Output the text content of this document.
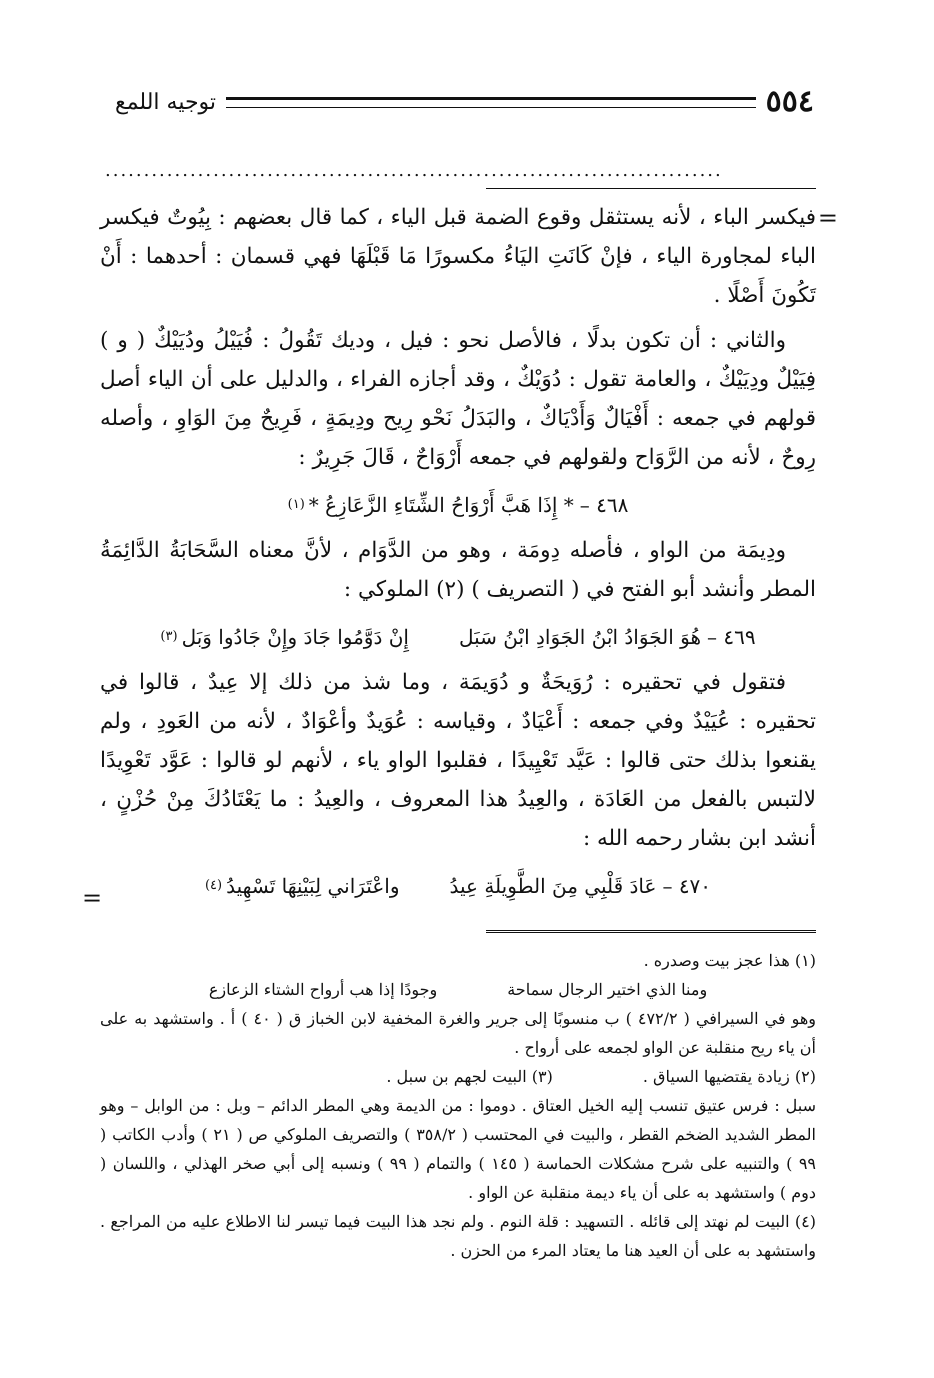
٥٥٤
توجيه اللمع
................................................................................
=

فيكسر الباء ، لأنه يستثقل وقوع الضمة قبل الياء ، كما قال بعضهم : بِيُوتٌ فيكسر الباء لمجاورة الياء ، فإنْ كَانَتِ اليَاءُ مكسورًا مَا قَبْلَهَا فهي قسمان : أحدهما : أَنْ تَكُونَ أَصْلًا .

والثاني : أن تكون بدلًا ، فالأصل نحو : فيل ، وديك تَقُولُ : فُيَيْلُ ودُيَيْكٌ ( و ) فِيَيْلٌ ودِيَيْكٌ ، والعامة تقول : دُوَيْكٌ ، وقد أجازه الفراء ، والدليل على أن الياء أصل قولهم في جمعه : أَفْيَالٌ وَأَدْيَاكٌ ، والبَدَلُ نَحْو رِيح ودِيمَةٍ ، فَرِيحٌ مِنَ الوَاوِ ، وأصله رِوحٌ ، لأنه من الرَّوَاح ولقولهم في جمعه أَرْوَاحٌ ، قَالَ جَرِيرٌ :

٤٦٨ –
* إِذَا هَبَّ أَرْوَاحُ الشِّتَاءِ الزَّعَازِعُ *
(١)

ودِيمَة من الواو ، فأصله دِومَة ، وهو من الدَّوَام ، لأنَّ معناه السَّحَابَةُ الدَّائِمَةُ المطر وأنشد أبو الفتح في ( التصريف ) (٢) الملوكي :

٤٦٩ –
هُوَ الجَوَادُ ابْنُ الجَوَادِ ابْنُ سَبَل
إِنْ دَوَّمُوا جَادَ وإِنْ جَادُوا وَبَل
(٣)

فتقول في تحقيره : رُوَيحَةٌ و دُوَيمَة ، وما شذ من ذلك إلا عِيدٌ ، قالوا في تحقيره : عُيَيْدٌ وفي جمعه : أَعْيَادٌ ، وقياسه : عُوَيدٌ وأعْوَادٌ ، لأنه من العَودِ ، ولم يقنعوا بذلك حتى قالوا : عَيَّد تَعْيِيدًا ، فقلبوا الواو ياء ، لأنهم لو قالوا : عَوَّد تَعْوِيدًا لالتبس بالفعل من العَادَة ، والعِيدُ هذا المعروف ، والعِيدُ : ما يَعْتَادُكَ مِنْ حُزْنٍ ، أنشد ابن بشار رحمه الله :

٤٧٠ –
عَادَ قَلْبِي مِنَ الطَّوِيلَةِ عِيدُ
واعْتَرَاني لِبَيْنِهَا تَسْهِيدُ
(٤)
=

(١) هذا عجز بيت وصدره .

ومنا الذي اختير الرجال سماحة
وجودًا إذا هب أرواح الشتاء الزعازع

وهو في السيرافي ( ٤٧٢/٢ ) ب منسوبًا إلى جرير والغرة المخفية لابن الخباز ق ( ٤٠ ) أ . واستشهد به على أن ياء ريح منقلبة عن الواو لجمعه على أرواح .

(٢) زيادة يقتضيها السياق .
(٣) البيت لجهم بن سبل .

سبل : فرس عتيق تنسب إليه الخيل العتاق . دوموا : من الديمة وهي المطر الدائم – وبل : من الوابل – وهو المطر الشديد الضخم القطر ، والبيت في المحتسب ( ٣٥٨/٢ ) والتصريف الملوكي ص ( ٢١ ) وأدب الكاتب ( ٩٩ ) والتنبيه على شرح مشكلات الحماسة ( ١٤٥ ) والتمام ( ٩٩ ) ونسبه إلى أبي صخر الهذلي ، واللسان ( دوم ) واستشهد به على أن ياء ديمة منقلبة عن الواو .

(٤) البيت لم نهتد إلى قائله . التسهيد : قلة النوم . ولم نجد هذا البيت فيما تيسر لنا الاطلاع عليه من المراجع . واستشهد به على أن العيد هنا ما يعتاد المرء من الحزن .
